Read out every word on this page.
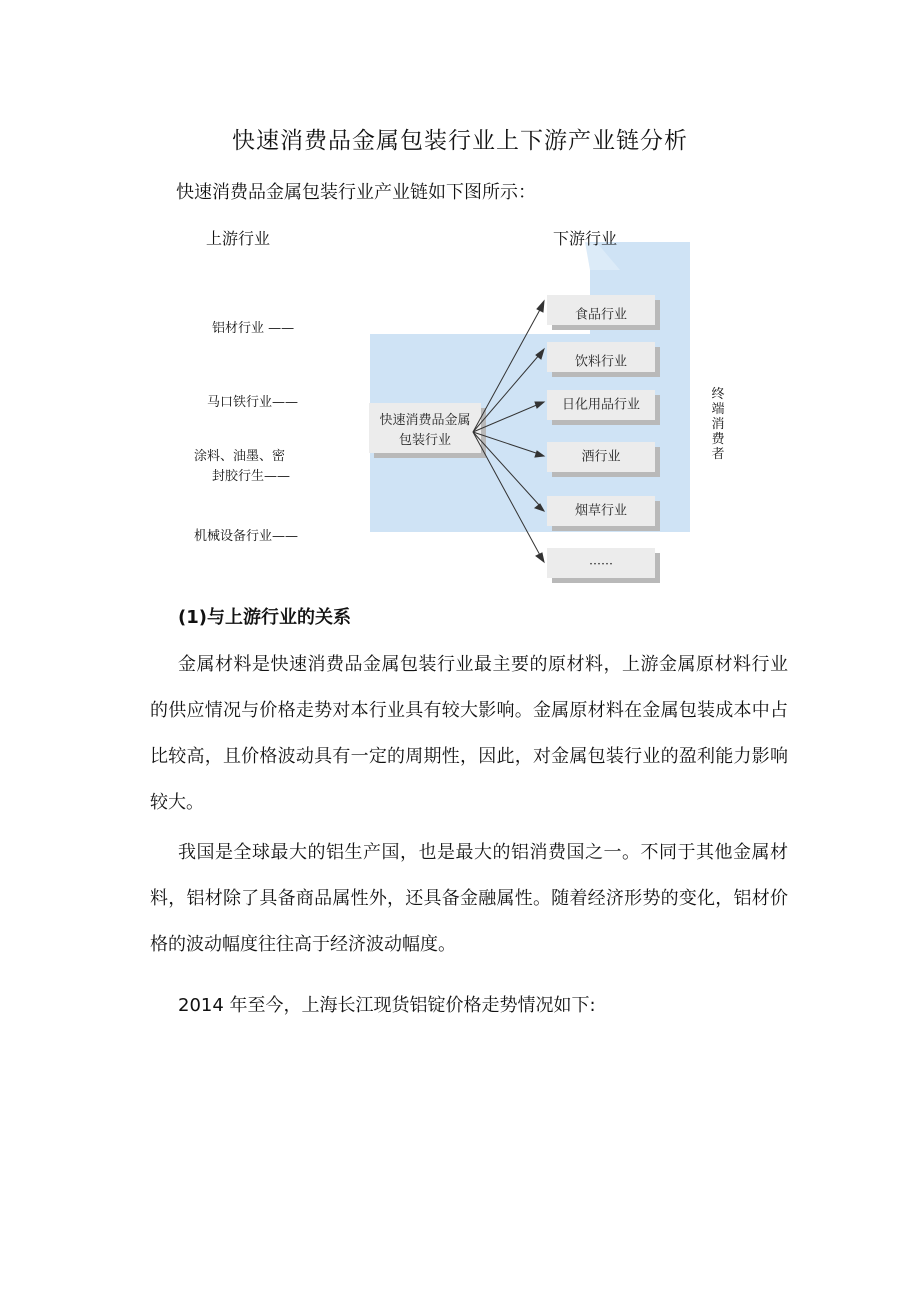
快速消费品金属包装行业上下游产业链分析
快速消费品金属包装行业产业链如下图所示：
上游行业	下游行业
铝材行业 ——
马口铁行业——
涂料、油墨、密
封胶行生——
机械设备行业——
快速消费品金属
包装行业
食品行业
饮料行业
日化用品行业
酒行业
烟草行业
……
终
端
消
费
者
(1)与上游行业的关系

金属材料是快速消费品金属包装行业最主要的原材料，上游金属原材料行业的供应情况与价格走势对本行业具有较大影响。金属原材料在金属包装成本中占比较高，且价格波动具有一定的周期性，因此，对金属包装行业的盈利能力影响较大。

我国是全球最大的铝生产国，也是最大的铝消费国之一。不同于其他金属材料，铝材除了具备商品属性外，还具备金融属性。随着经济形势的变化，铝材价格的波动幅度往往高于经济波动幅度。

2014 年至今，上海长江现货铝锭价格走势情况如下:
